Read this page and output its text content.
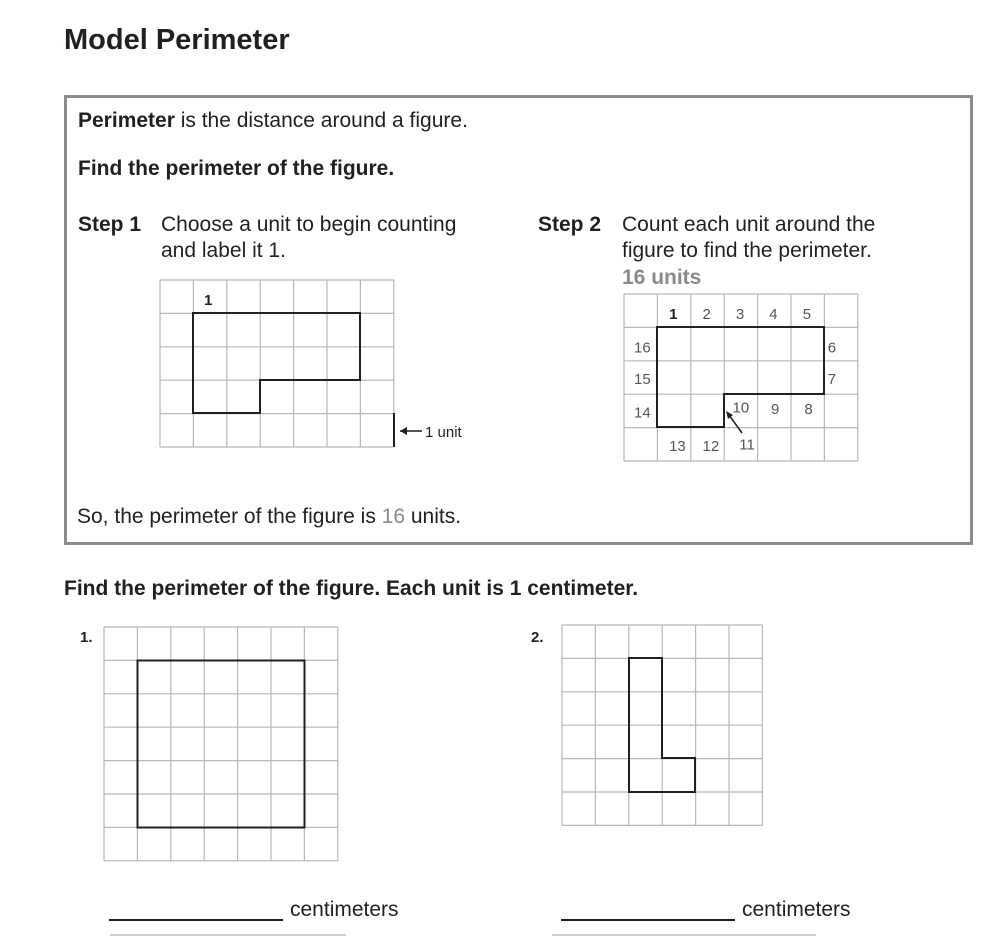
Model Perimeter
Perimeter is the distance around a figure.
Find the perimeter of the figure.
Step 1 Choose a unit to begin counting
and label it 1.
1
1 unit
Step 2 Count each unit around the
figure to find the perimeter.
16 units
1 2 3 4 5
6
7
8
9
10
11
12
13
14
15
16
So, the perimeter of the figure is 16 units.
Find the perimeter of the figure. Each unit is 1 centimeter.
1.
centimeters
2.
centimeters
